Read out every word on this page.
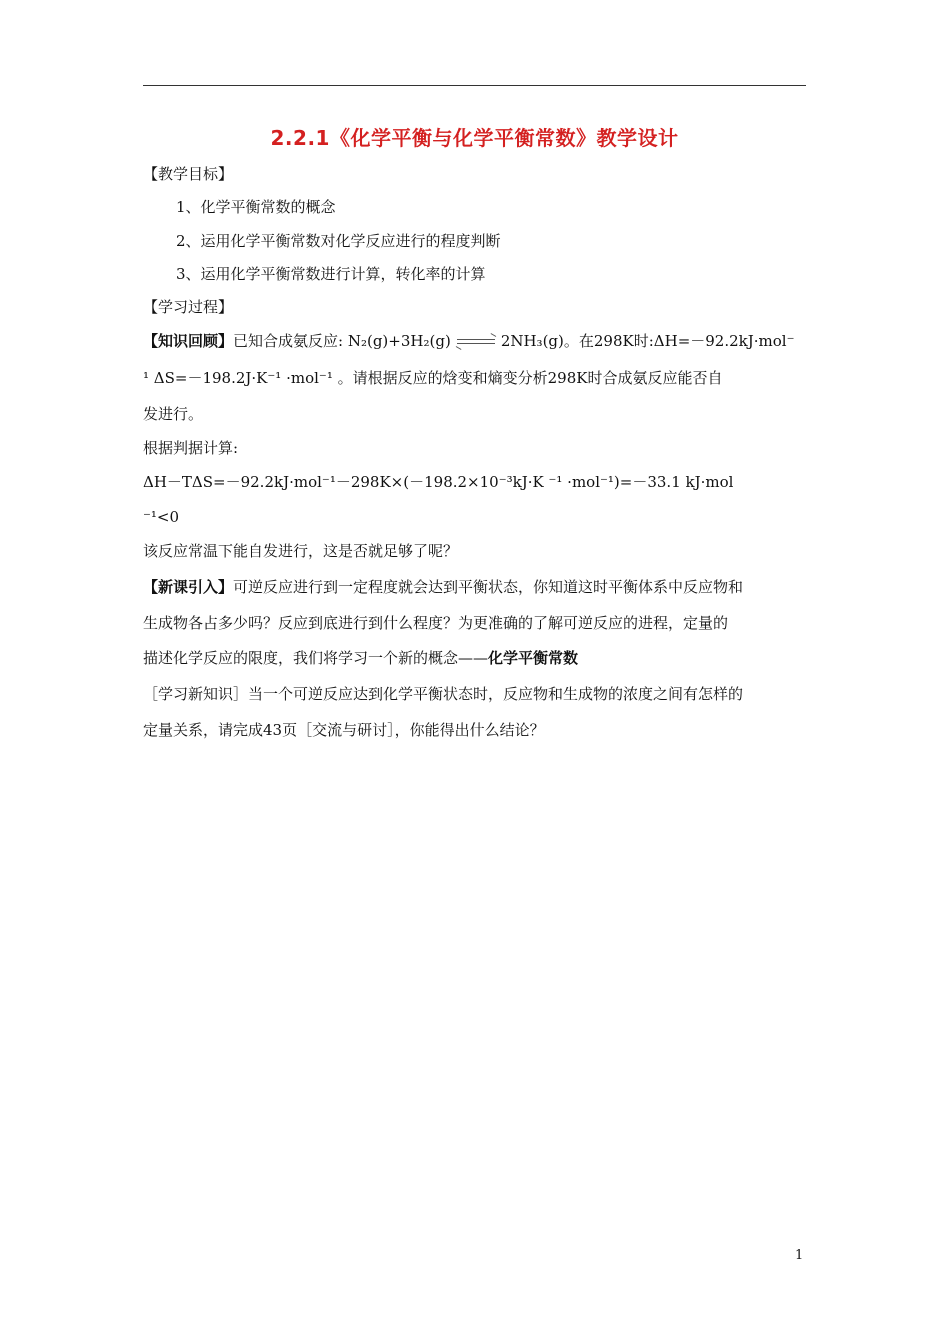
2.2.1《化学平衡与化学平衡常数》教学设计
【教学目标】
1、化学平衡常数的概念
2、运用化学平衡常数对化学反应进行的程度判断
3、运用化学平衡常数进行计算，转化率的计算
【学习过程】
【知识回顾】已知合成氨反应: N₂(g)+3H₂(g) ⇌ 2NH₃(g)。在298K时:ΔH=－92.2kJ·mol⁻
¹ ΔS=－198.2J·K⁻¹ ·mol⁻¹ 。请根据反应的焓变和熵变分析298K时合成氨反应能否自
发进行。
根据判据计算:
ΔH－TΔS=－92.2kJ·mol⁻¹－298K×(－198.2×10⁻³kJ·K ⁻¹ ·mol⁻¹)=－33.1 kJ·mol
⁻¹<0
该反应常温下能自发进行，这是否就足够了呢？
【新课引入】可逆反应进行到一定程度就会达到平衡状态，你知道这时平衡体系中反应物和
生成物各占多少吗？反应到底进行到什么程度？为更准确的了解可逆反应的进程，定量的
描述化学反应的限度，我们将学习一个新的概念——化学平衡常数
［学习新知识］当一个可逆反应达到化学平衡状态时，反应物和生成物的浓度之间有怎样的
定量关系，请完成43页［交流与研讨］，你能得出什么结论？
1
